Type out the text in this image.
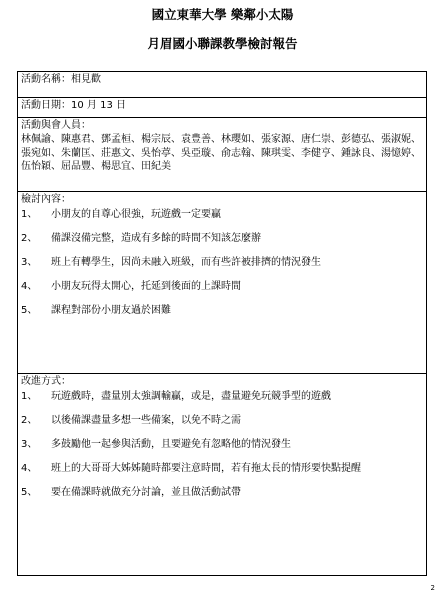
國立東華大學 樂鄰小太陽
月眉國小聯課教學檢討報告
活動名稱：相見歡
活動日期：10 月 13 日
活動與會人員：
林佩諭、陳惠君、鄧孟桓、楊宗辰、袁豊善、林瓔如、張家源、唐仁崇、彭德弘、張淑妮、張宛如、朱蘭匡、莊惠文、吳怡葶、吳亞璇、俞志翰、陳琪雯、李健亨、鍾詠良、湯憶婷、伍怡穎、屈品豐、楊思宜、田紀美
檢討內容：
1、	小朋友的自尊心很強，玩遊戲一定要贏
2、	備課沒備完整，造成有多餘的時間不知該怎麼辦
3、	班上有轉學生，因尚未融入班級，而有些許被排擠的情況發生
4、	小朋友玩得太開心，托延到後面的上課時間
5、	課程對部份小朋友過於困難
改進方式：
1、	玩遊戲時，盡量別太強調輸贏，或是，盡量避免玩競爭型的遊戲
2、	以後備課盡量多想一些備案，以免不時之需
3、	多鼓勵他一起參與活動，且要避免有忽略他的情況發生
4、	班上的大哥哥大姊姊隨時都要注意時間，若有拖太長的情形要快點提醒
5、	要在備課時就做充分討論，並且做活動試帶
2
